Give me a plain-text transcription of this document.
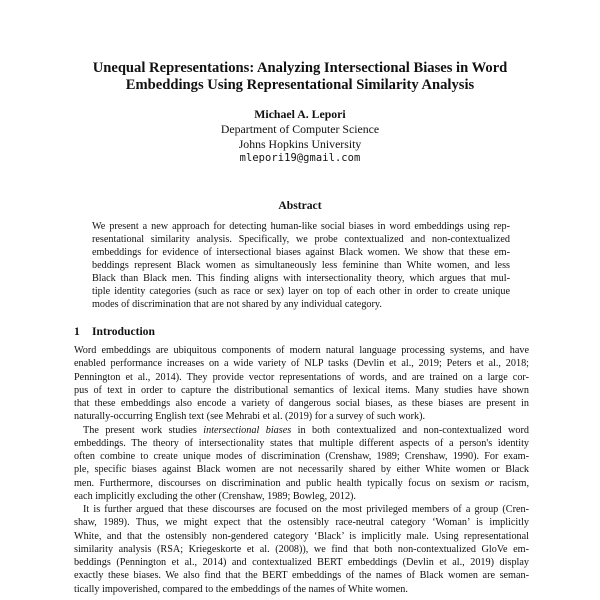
Unequal Representations: Analyzing Intersectional Biases in Word
Embeddings Using Representational Similarity Analysis
Michael A. Lepori
Department of Computer Science
Johns Hopkins University
mlepori19@gmail.com
Abstract
We present a new approach for detecting human-like social biases in word embeddings using rep-
resentational similarity analysis. Specifically, we probe contextualized and non-contextualized
embeddings for evidence of intersectional biases against Black women. We show that these em-
beddings represent Black women as simultaneously less feminine than White women, and less
Black than Black men. This finding aligns with intersectionality theory, which argues that mul-
tiple identity categories (such as race or sex) layer on top of each other in order to create unique
modes of discrimination that are not shared by any individual category.
1 Introduction
Word embeddings are ubiquitous components of modern natural language processing systems, and have
enabled performance increases on a wide variety of NLP tasks (Devlin et al., 2019; Peters et al., 2018;
Pennington et al., 2014). They provide vector representations of words, and are trained on a large cor-
pus of text in order to capture the distributional semantics of lexical items. Many studies have shown
that these embeddings also encode a variety of dangerous social biases, as these biases are present in
naturally-occurring English text (see Mehrabi et al. (2019) for a survey of such work).
The present work studies intersectional biases in both contextualized and non-contextualized word
embeddings. The theory of intersectionality states that multiple different aspects of a person's identity
often combine to create unique modes of discrimination (Crenshaw, 1989; Crenshaw, 1990). For exam-
ple, specific biases against Black women are not necessarily shared by either White women or Black
men. Furthermore, discourses on discrimination and public health typically focus on sexism or racism,
each implicitly excluding the other (Crenshaw, 1989; Bowleg, 2012).
It is further argued that these discourses are focused on the most privileged members of a group (Cren-
shaw, 1989). Thus, we might expect that the ostensibly race-neutral category ‘Woman’ is implicitly
White, and that the ostensibly non-gendered category ‘Black’ is implicitly male. Using representational
similarity analysis (RSA; Kriegeskorte et al. (2008)), we find that both non-contextualized GloVe em-
beddings (Pennington et al., 2014) and contextualized BERT embeddings (Devlin et al., 2019) display
exactly these biases. We also find that the BERT embeddings of the names of Black women are seman-
tically impoverished, compared to the embeddings of the names of White women.
